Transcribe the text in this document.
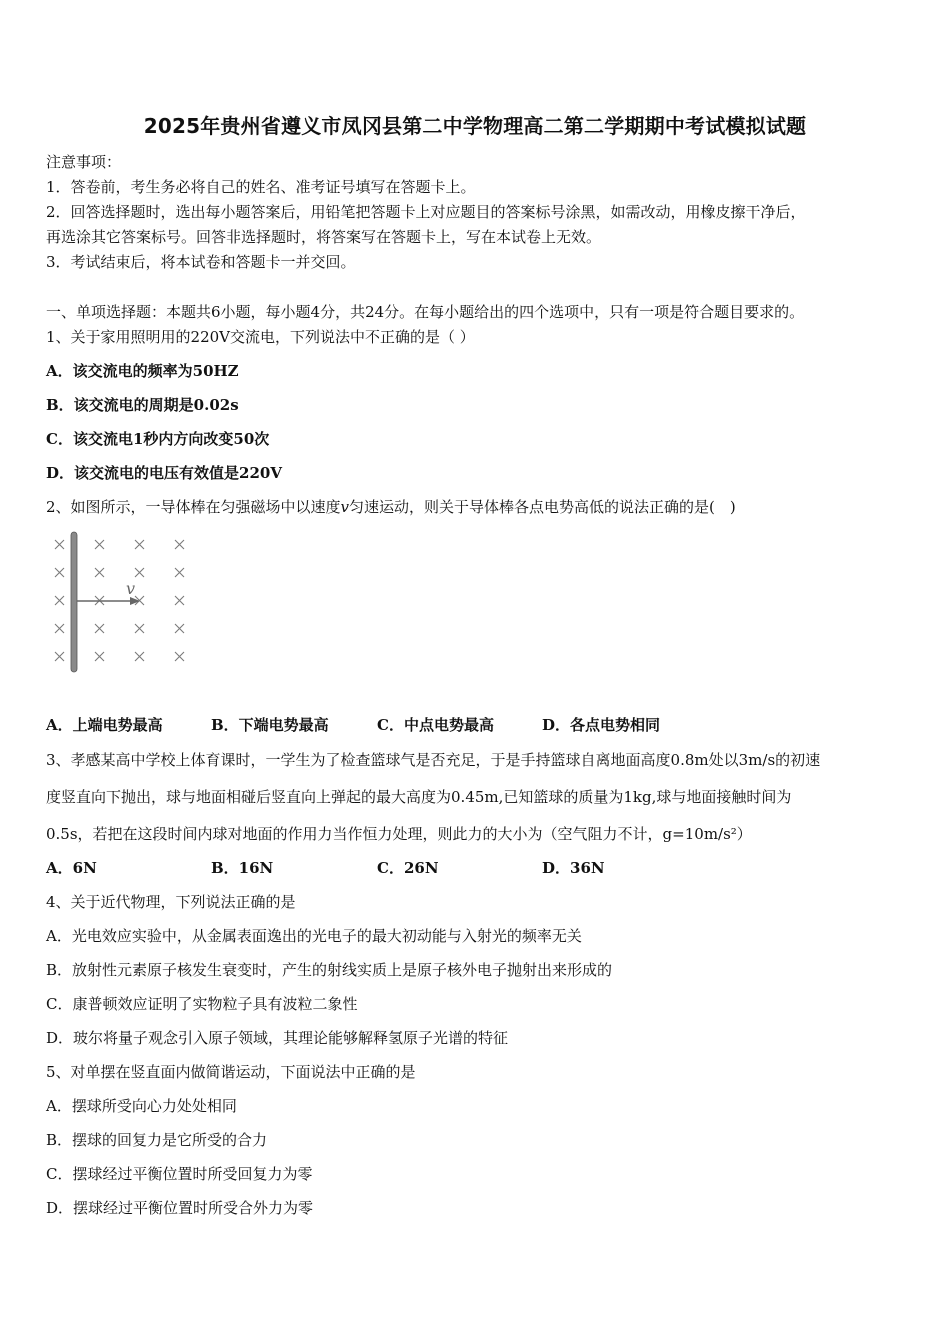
2025年贵州省遵义市凤冈县第二中学物理高二第二学期期中考试模拟试题
注意事项：
1．答卷前，考生务必将自己的姓名、准考证号填写在答题卡上。
2．回答选择题时，选出每小题答案后，用铅笔把答题卡上对应题目的答案标号涂黑，如需改动，用橡皮擦干净后，
再选涂其它答案标号。回答非选择题时，将答案写在答题卡上，写在本试卷上无效。
3．考试结束后，将本试卷和答题卡一并交回。
一、单项选择题：本题共6小题，每小题4分，共24分。在每小题给出的四个选项中，只有一项是符合题目要求的。
1、关于家用照明用的220V交流电，下列说法中不正确的是（ ）
A．该交流电的频率为50HZ
B．该交流电的周期是0.02s
C．该交流电1秒内方向改变50次
D．该交流电的电压有效值是220V
2、如图所示，一导体棒在匀强磁场中以速度v匀速运动，则关于导体棒各点电势高低的说法正确的是(　)
v
A．上端电势最高	B．下端电势最高	C．中点电势最高	D．各点电势相同
3、孝感某高中学校上体育课时，一学生为了检查篮球气是否充足，于是手持篮球自离地面高度0.8m处以3m/s的初速
度竖直向下抛出，球与地面相碰后竖直向上弹起的最大高度为0.45m,已知篮球的质量为1kg,球与地面接触时间为
0.5s，若把在这段时间内球对地面的作用力当作恒力处理，则此力的大小为（空气阻力不计，g=10m/s²）
A．6N	B．16N	C．26N	D．36N
4、关于近代物理，下列说法正确的是
A．光电效应实验中，从金属表面逸出的光电子的最大初动能与入射光的频率无关
B．放射性元素原子核发生衰变时，产生的射线实质上是原子核外电子抛射出来形成的
C．康普顿效应证明了实物粒子具有波粒二象性
D．玻尔将量子观念引入原子领域，其理论能够解释氢原子光谱的特征
5、对单摆在竖直面内做简谐运动，下面说法中正确的是
A．摆球所受向心力处处相同
B．摆球的回复力是它所受的合力
C．摆球经过平衡位置时所受回复力为零
D．摆球经过平衡位置时所受合外力为零
